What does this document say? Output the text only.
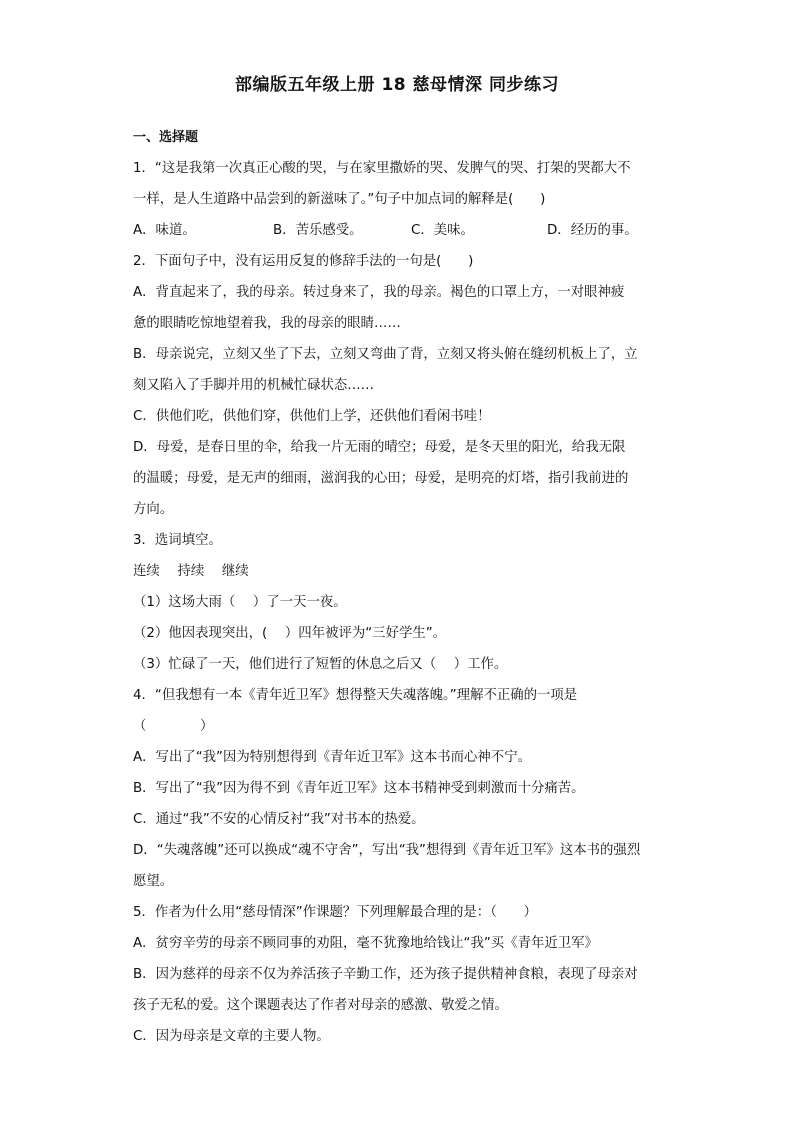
部编版五年级上册 18 慈母情深 同步练习
一、选择题
1．“这是我第一次真正心酸的哭，与在家里撒娇的哭、发脾气的哭、打架的哭都大不
一样，是人生道路中品尝到的新滋味了。”句子中加点词的解释是(　　)
A．味道。	B．苦乐感受。	C．美味。	D．经历的事。
2．下面句子中，没有运用反复的修辞手法的一句是(　　)
A．背直起来了，我的母亲。转过身来了，我的母亲。褐色的口罩上方，一对眼神疲
惫的眼睛吃惊地望着我，我的母亲的眼睛……
B．母亲说完，立刻又坐了下去，立刻又弯曲了背，立刻又将头俯在缝纫机板上了，立
刻又陷入了手脚并用的机械忙碌状态……
C．供他们吃，供他们穿，供他们上学，还供他们看闲书哇！
D．母爱，是春日里的伞，给我一片无雨的晴空；母爱，是冬天里的阳光，给我无限
的温暖；母爱，是无声的细雨，滋润我的心田；母爱，是明亮的灯塔，指引我前进的
方向。
3．选词填空。
连续　 持续　 继续
（1）这场大雨（　 ）了一天一夜。
（2）他因表现突出，(　 ）四年被评为“三好学生”。
（3）忙碌了一天，他们进行了短暂的休息之后又（　 ）工作。
4．“但我想有一本《青年近卫军》想得整天失魂落魄。”理解不正确的一项是
（　　　　）
A．写出了“我”因为特别想得到《青年近卫军》这本书而心神不宁。
B．写出了“我”因为得不到《青年近卫军》这本书精神受到刺激而十分痛苦。
C．通过“我”不安的心情反衬“我”对书本的热爱。
D．“失魂落魄”还可以换成“魂不守舍”，写出“我”想得到《青年近卫军》这本书的强烈
愿望。
5．作者为什么用“慈母情深”作课题？下列理解最合理的是：（　　）
A．贫穷辛劳的母亲不顾同事的劝阻，毫不犹豫地给钱让“我”买《青年近卫军》
B．因为慈祥的母亲不仅为养活孩子辛勤工作，还为孩子提供精神食粮，表现了母亲对
孩子无私的爱。这个课题表达了作者对母亲的感激、敬爱之情。
C．因为母亲是文章的主要人物。
